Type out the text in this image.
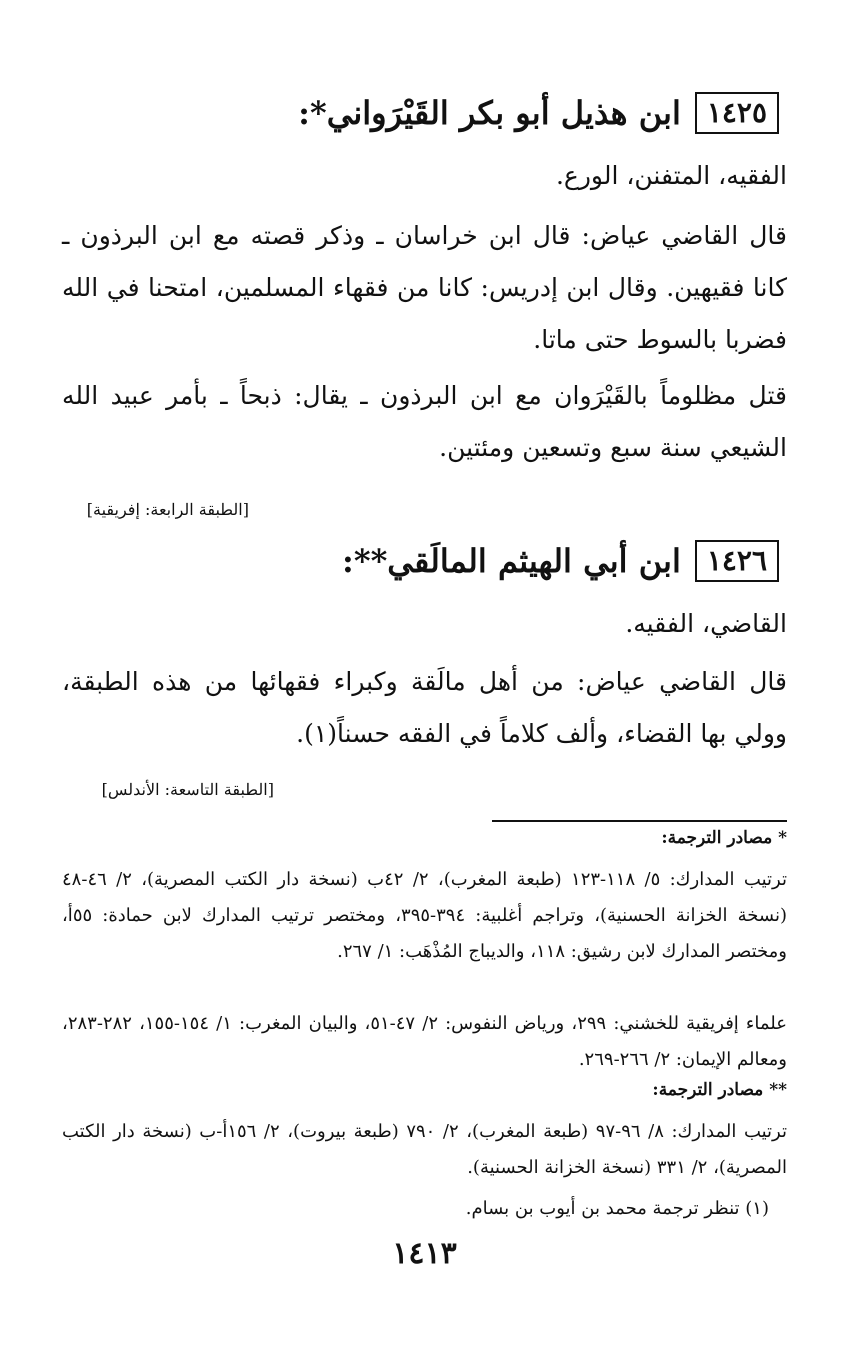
١٤٢٥
ابن هذيل أبو بكر القَيْرَواني*:
الفقيه، المتفنن، الورع.
قال القاضي عياض: قال ابن خراسان ـ وذكر قصته مع ابن البرذون ـ كانا فقيهين. وقال ابن إدريس: كانا من فقهاء المسلمين، امتحنا في الله فضربا بالسوط حتى ماتا.
قتل مظلوماً بالقَيْرَوان مع ابن البرذون ـ يقال: ذبحاً ـ بأمر عبيد الله الشيعي سنة سبع وتسعين ومئتين.
[الطبقة الرابعة: إفريقية]
١٤٢٦
ابن أبي الهيثم المالَقي**:
القاضي، الفقيه.
قال القاضي عياض: من أهل مالَقة وكبراء فقهائها من هذه الطبقة، وولي بها القضاء، وألف كلاماً في الفقه حسناً(١).
[الطبقة التاسعة: الأندلس]
* مصادر الترجمة:
ترتيب المدارك: ٥/ ١١٨-١٢٣ (طبعة المغرب)، ٢/ ٤٢ب (نسخة دار الكتب المصرية)، ٢/ ٤٦-٤٨ (نسخة الخزانة الحسنية)، وتراجم أغلبية: ٣٩٤-٣٩٥، ومختصر ترتيب المدارك لابن حمادة: ٥٥أ، ومختصر المدارك لابن رشيق: ١١٨، والديباج المُذْهَب: ١/ ٢٦٧.
علماء إفريقية للخشني: ٢٩٩، ورياض النفوس: ٢/ ٤٧-٥١، والبيان المغرب: ١/ ١٥٤-١٥٥، ٢٨٢-٢٨٣، ومعالم الإيمان: ٢/ ٢٦٦-٢٦٩.
** مصادر الترجمة:
ترتيب المدارك: ٨/ ٩٦-٩٧ (طبعة المغرب)، ٢/ ٧٩٠ (طبعة بيروت)، ٢/ ١٥٦أ-ب (نسخة دار الكتب المصرية)، ٢/ ٣٣١ (نسخة الخزانة الحسنية).
(١) تنظر ترجمة محمد بن أيوب بن بسام.
١٤١٣
